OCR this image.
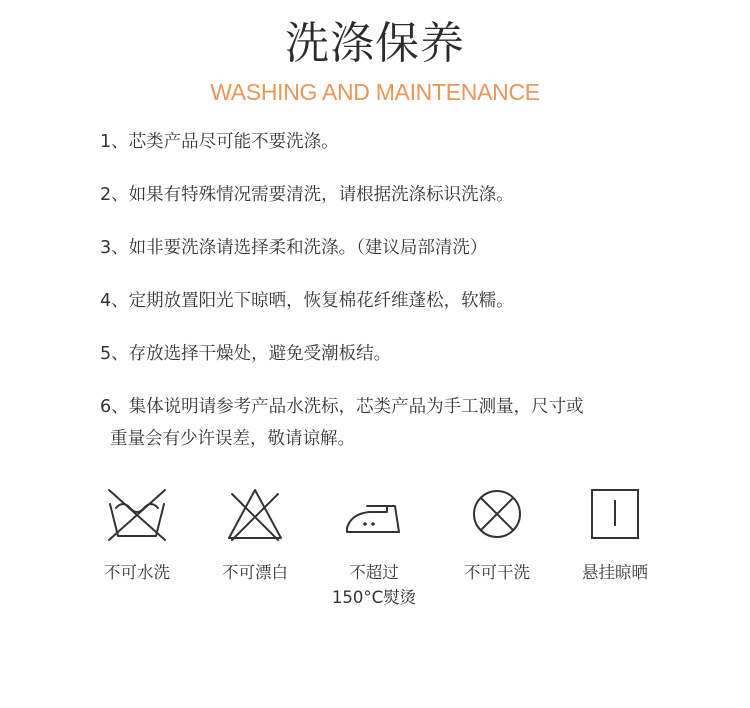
洗涤保养
WASHING AND MAINTENANCE

1、芯类产品尽可能不要洗涤。

2、如果有特殊情况需要清洗，请根据洗涤标识洗涤。

3、如非要洗涤请选择柔和洗涤。（建议局部清洗）

4、定期放置阳光下晾晒，恢复棉花纤维蓬松，软糯。

5、存放选择干燥处，避免受潮板结。

6、集体说明请参考产品水洗标，芯类产品为手工测量，尺寸或
重量会有少许误差，敬请谅解。

不可水洗	不可漂白	不超过
150°C熨烫
不可干洗	悬挂晾晒
